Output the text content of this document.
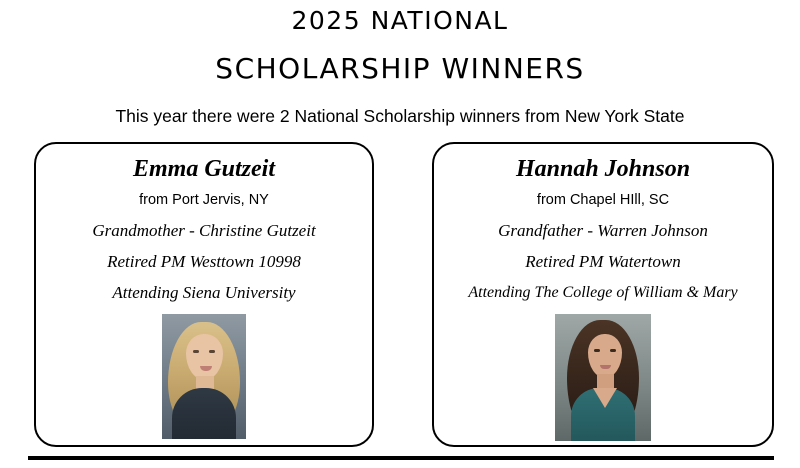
2025 NATIONAL
SCHOLARSHIP WINNERS
This year there were 2 National Scholarship winners from New York State
Emma Gutzeit
from Port Jervis, NY
Grandmother - Christine Gutzeit
Retired PM Westtown 10998
Attending Siena University
Hannah Johnson
from Chapel HIll, SC
Grandfather - Warren Johnson
Retired PM Watertown
Attending The College of William & Mary
